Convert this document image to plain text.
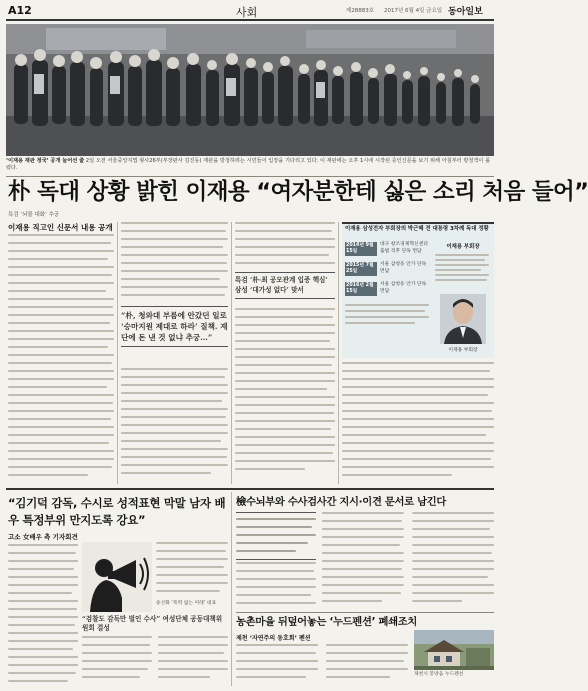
A12	사회	제28883호 2017년 6월 4일 금요일 동아일보
‘이재용 재판 정국’ 공개 늘어선 줄 2일 오전 서울중앙지법 형사26부(부장판사 김진동) 재판을 방청하려는 시민들이 입장을 기다리고 있다. 이 재판에는 오후 1시에 시작된 증인신문을 보기 위해 아침부터 방청객이 몰렸다.
朴 독대 상황 밝힌 이재용 “여자분한테 싫은 소리 처음 들어”
특검 ‘뇌물 대화’ 추궁
이재용 직고인 신문서 내용 공개
“朴, 청와대 부름에 안갔던 일로 ‘승마지원 제대로 하라’ 질책. 재단에 돈 낸 것 없냐 추궁…”
특검 ‘朴·최 공모관계 입증 핵심’ 삼성 ‘대가성 없다’ 맞서
이재용 삼성전자 부회장의 박근혜 전 대통령 3차례 독대 정황
2014년 9월 15일
대구 창조경제혁신센터 출범 직후 단독 면담
2015년 7월 25일
서울 삼청동 안가 단독 면담
2016년 2월 15일
서울 삼청동 안가 단독 면담
이재용 부회장
이재용 부회장
“김기덕 감독, 수시로 성적표현 막말 남자 배우 특정부위 만지도록 강요”
고소 女배우 측 기자회견
“검찰도 감독만 벌인 수사” 여성단체 공동대책위원회 결성
송산화 ‘폭력 없는 미래’ 대표
檢수뇌부와 수사검사간 지시·이견 문서로 남긴다
농촌마을 뒤덮어놓는 ‘누드펜션’ 폐쇄조치
제천 ‘자연주의 동호회’ 펜션
제천시 봉양읍 누드펜션
